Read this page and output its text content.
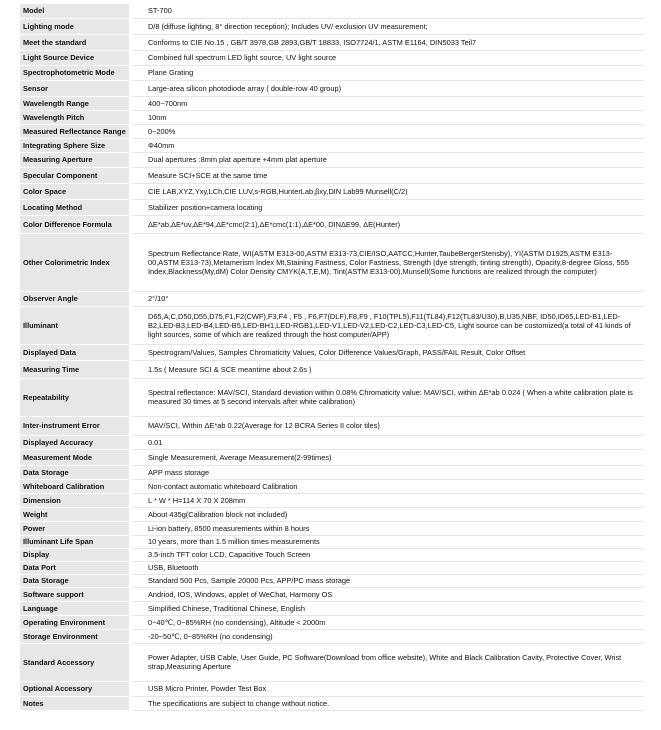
Model		ST-700
Lighting mode		D/8 (diffuse lighting, 8° direction reception); Includes UV/ exclusion UV measurement;
Meet the standard		Conforms to CIE No.15 , GB/T 3978,GB 2893,GB/T 18833, ISO7724/1, ASTM E1164, DIN5033 Teil7
Light Source Device		Combined full spectrum LED light source, UV light source
Spectrophotometric Mode		Plane Grating
Sensor		Large-area silicon photodiode array ( double-row 40 group)
Wavelength Range		400~700nm
Wavelength Pitch		10nm
Measured Reflectance Range		0~200%
Integrating Sphere Size		Φ40mm
Measuring Aperture		Dual apertures :8mm plat aperture +4mm plat aperture
Specular Component		Measure SCI+SCE at the same time
Color Space		CIE LAB,XYZ,Yxy,LCh,CIE LUV,s-RGB,HunterLab,βxy,DIN Lab99 Munsell(C/2)
Locating Method		Stabilizer position+camera locating
Color Difference Formula		ΔE*ab,ΔE*uv,ΔE*94,ΔE*cmc(2:1),ΔE*cmc(1:1),ΔE*00, DINΔE99, ΔE(Hunter)
Other Colorimetric Index		Spectrum Reflectance Rate, WI(ASTM E313-00,ASTM E313-73,CIE/ISO,AATCC,Hunter,TaubeBergerStensby), YI(ASTM D1925,ASTM E313-00,ASTM E313-73),Metamerism Index Mt,Staining Fastness, Color Fastness, Strength (dye strength, tinting strength), Opacity,8-degree Gloss, 555 Index,Blackness(My,dM) Color Density CMYK(A,T,E,M), Tint(ASTM E313-00),Munsell(Some functions are realized through the computer)
Observer Angle		2°/10°
Illuminant		D65,A,C,D50,D55,D75,F1,F2(CWF),F3,F4 , F5 , F6,F7(DLF),F8,F9 , F10(TPL5),F11(TL84),F12(TL83/U30),B,U35,NBF, ID50,ID65,LED-B1,LED-B2,LED-B3,LED-B4,LED-B5,LED-BH1,LED-RGB1,LED-V1,LED-V2,LED-C2,LED-C3,LED-C5, Light source can be customized(a total of 41 kinds of light sources, some of which are realized through the host computer/APP)
Displayed Data		Spectrogram/Values, Samples Chromaticity Values, Color Difference Values/Graph, PASS/FAIL Result, Color Offset
Measuring Time		1.5s ( Measure SCI & SCE meantime about 2.6s )
Repeatability		Spectral reflectance: MAV/SCI, Standard deviation within 0.08% Chromaticity value: MAV/SCI, within ΔE*ab 0.024 ( When a white calibration plate is measured 30 times at 5 second intervals after white calibration)
Inter-instrument Error		MAV/SCI, Within ΔE*ab 0.22(Average for 12 BCRA Series II color tiles)
Displayed Accuracy		0.01
Measurement Mode		Single Measurement, Average Measurement(2-99times)
Data Storage		APP mass storage
Whiteboard Calibration		Non-contact automatic whiteboard Calibration
Dimension		L * W * H=114 X 70 X 208mm
Weight		About 435g(Calibration block not included)
Power		Li-ion battery, 8500 measurements within 8 hours
Illuminant Life Span		10 years, more than 1.5 million times measurements
Display		3.5-inch TFT color LCD, Capacitive Touch Screen
Data Port		USB, Bluetooth
Data Storage		Standard 500 Pcs, Sample 20000 Pcs, APP/PC mass storage
Software support		Andriod, IOS, Windows, applet of WeChat, Harmony OS
Language		Simplified Chinese, Traditional Chinese, English
Operating Environment		0~40℃, 0~85%RH (no condensing), Altitude < 2000m
Storage Environment		-20~50℃, 0~85%RH (no condensing)
Standard Accessory		Power Adapter, USB Cable, User Guide, PC Software(Download from office website), White and Black Calibration Cavity, Protective Cover, Wrist strap,Measuring Aperture
Optional Accessory		USB Micro Printer, Powder Test Box
Notes		The specifications are subject to change without notice.
